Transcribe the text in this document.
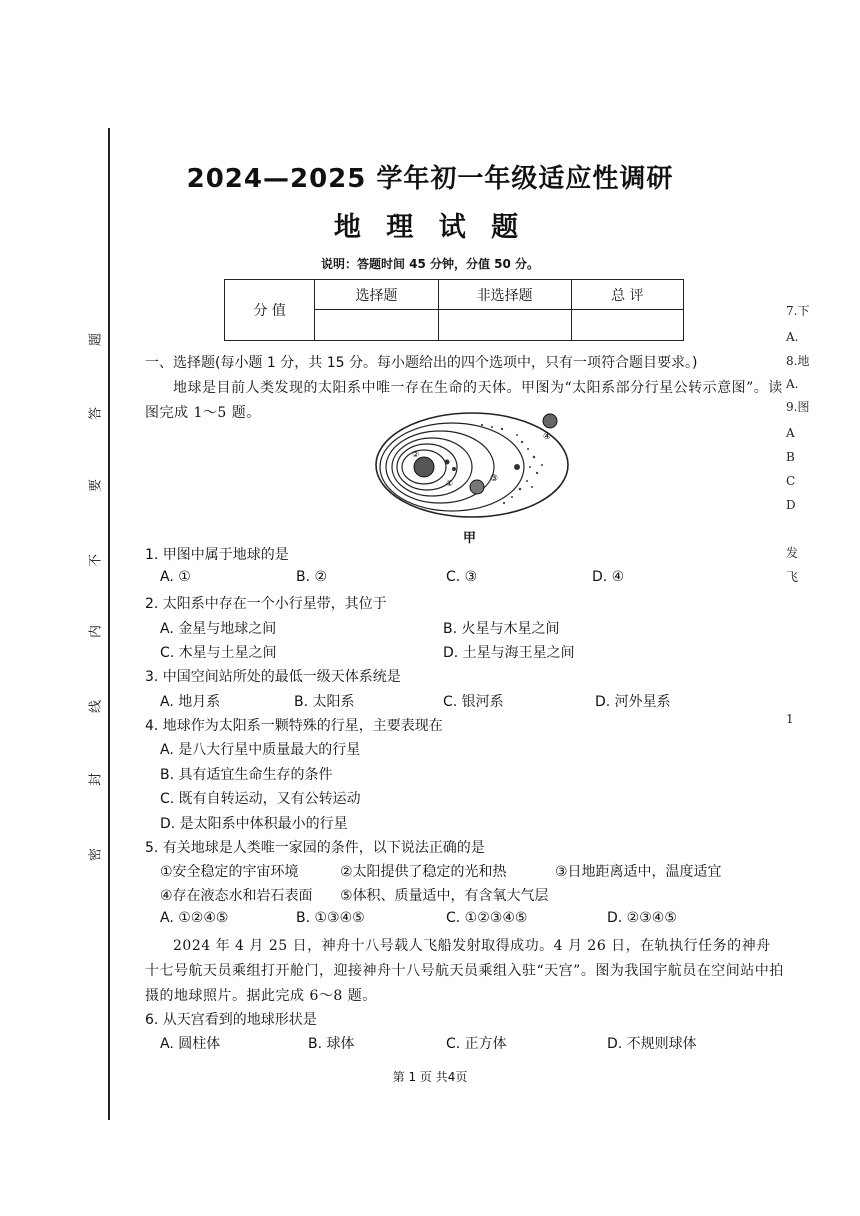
题
答
要
不
内
线
封
密
7.下
A.
8.地
A.
9.图
A
B
C
D
发
飞
1
2024—2025 学年初一年级适应性调研
地 理 试 题
说明：答题时间 45 分钟，分值 50 分。
分 值	选择题	非选择题	总 评

一、选择题(每小题 1 分，共 15 分。每小题给出的四个选项中，只有一项符合题目要求。)
地球是目前人类发现的太阳系中唯一存在生命的天体。甲图为“太阳系部分行星公转示意图”。读图完成 1～5 题。
④
③
②
①
甲
1. 甲图中属于地球的是
A. ①	B. ②	C. ③	D. ④
2. 太阳系中存在一个小行星带，其位于
A. 金星与地球之间	B. 火星与木星之间
C. 木星与土星之间	D. 土星与海王星之间
3. 中国空间站所处的最低一级天体系统是
A. 地月系	B. 太阳系	C. 银河系	D. 河外星系
4. 地球作为太阳系一颗特殊的行星，主要表现在
A. 是八大行星中质量最大的行星
B. 具有适宜生命生存的条件
C. 既有自转运动，又有公转运动
D. 是太阳系中体积最小的行星
5. 有关地球是人类唯一家园的条件，以下说法正确的是
①安全稳定的宇宙环境	②太阳提供了稳定的光和热	③日地距离适中，温度适宜
④存在液态水和岩石表面 ⑤体积、质量适中，有含氧大气层
A. ①②④⑤	B. ①③④⑤	C. ①②③④⑤	D. ②③④⑤
2024 年 4 月 25 日，神舟十八号载人飞船发射取得成功。4 月 26 日，在轨执行任务的神舟十七号航天员乘组打开舱门，迎接神舟十八号航天员乘组入驻“天宫”。图为我国宇航员在空间站中拍摄的地球照片。据此完成 6～8 题。
6. 从天宫看到的地球形状是
A. 圆柱体	B. 球体	C. 正方体	D. 不规则球体
第 1 页 共4页
